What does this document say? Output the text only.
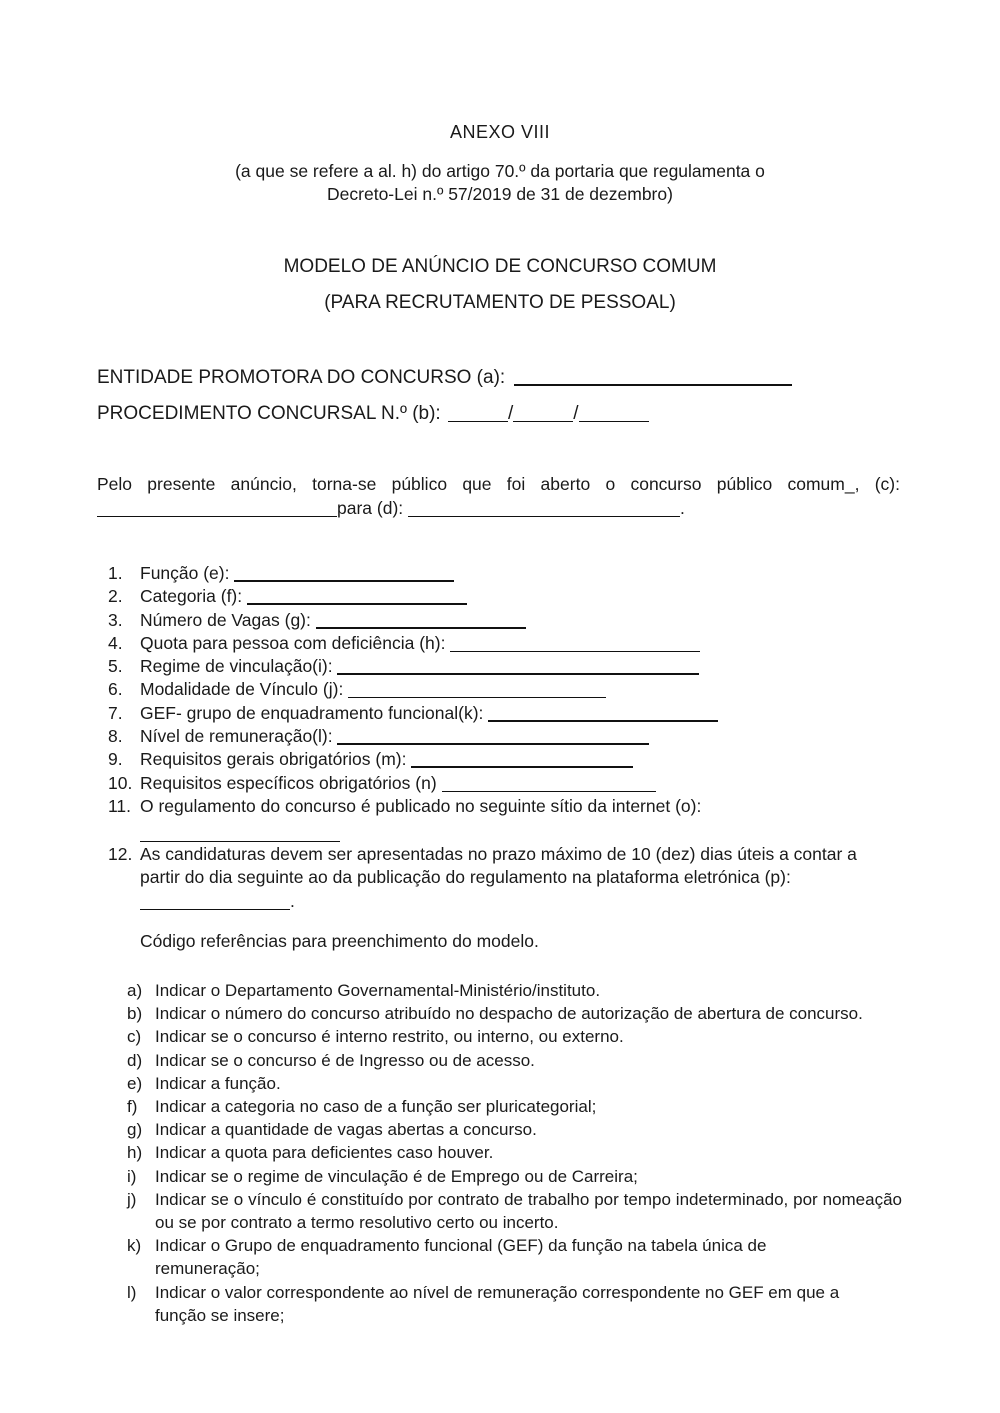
ANEXO VIII
(a que se refere a al. h) do artigo 70.º da portaria que regulamenta o
Decreto-Lei n.º 57/2019 de 31 de dezembro)
MODELO DE ANÚNCIO DE CONCURSO COMUM
(PARA RECRUTAMENTO DE PESSOAL)
ENTIDADE PROMOTORA DO CONCURSO (a):
PROCEDIMENTO CONCURSAL N.º (b):	/	/
Pelo presente anúncio, torna-se público que foi aberto o concurso público comum_, (c):
para (d):	.
1. Função (e):
2. Categoria (f):
3. Número de Vagas (g):
4. Quota para pessoa com deficiência (h):
5. Regime de vinculação(i):
6. Modalidade de Vínculo (j):
7. GEF- grupo de enquadramento funcional(k):
8. Nível de remuneração(l):
9. Requisitos gerais obrigatórios (m):
10. Requisitos específicos obrigatórios (n)
11. O regulamento do concurso é publicado no seguinte sítio da internet (o):
12. As candidaturas devem ser apresentadas no prazo máximo de 10 (dez) dias úteis a contar a partir do dia seguinte ao da publicação do regulamento na plataforma eletrónica (p):
.
Código referências para preenchimento do modelo.
a) Indicar o Departamento Governamental-Ministério/instituto.
b) Indicar o número do concurso atribuído no despacho de autorização de abertura de concurso.
c) Indicar se o concurso é interno restrito, ou interno, ou externo.
d) Indicar se o concurso é de Ingresso ou de acesso.
e) Indicar a função.
f) Indicar a categoria no caso de a função ser pluricategorial;
g) Indicar a quantidade de vagas abertas a concurso.
h) Indicar a quota para deficientes caso houver.
i) Indicar se o regime de vinculação é de Emprego ou de Carreira;
j) Indicar se o vínculo é constituído por contrato de trabalho por tempo indeterminado, por nomeação ou se por contrato a termo resolutivo certo ou incerto.
k) Indicar o Grupo de enquadramento funcional (GEF) da função na tabela única de remuneração;
l) Indicar o valor correspondente ao nível de remuneração correspondente no GEF em que a função se insere;
